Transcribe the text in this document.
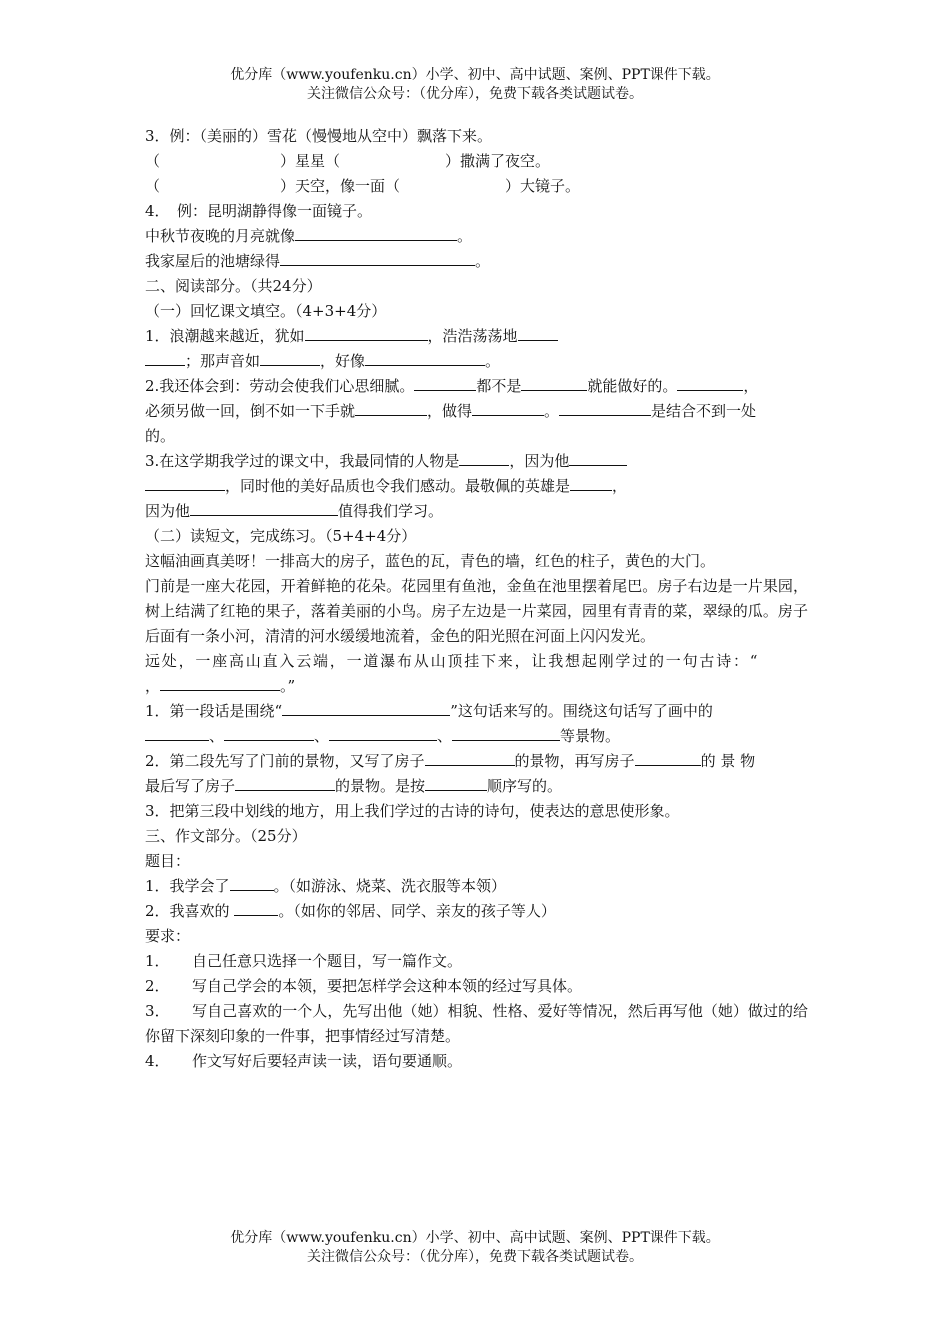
优分库（www.youfenku.cn）小学、初中、高中试题、案例、PPT课件下载。
关注微信公众号：（优分库），免费下载各类试题试卷。
3．例：（美丽的）雪花（慢慢地从空中）飘落下来。
（	）星星（	）撒满了夜空。
（	）天空，像一面（	）大镜子。
4．　例：昆明湖静得像一面镜子。
中秋节夜晚的月亮就像	。
我家屋后的池塘绿得	。
二、阅读部分。（共24分）
（一）回忆课文填空。（4+3+4分）
1．浪潮越来越近，犹如	，浩浩荡荡地
；那声音如	，好像	。
2.我还体会到：劳动会使我们心思细腻。	都不是	就能做好的。	，
必须另做一回，倒不如一下手就	，做得	。	是结合不到一处
的。
3.在这学期我学过的课文中，我最同情的人物是	，因为他
，同时他的美好品质也令我们感动。最敬佩的英雄是	，
因为他	值得我们学习。
（二）读短文，完成练习。（5+4+4分）
这幅油画真美呀！一排高大的房子，蓝色的瓦，青色的墙，红色的柱子，黄色的大门。
门前是一座大花园，开着鲜艳的花朵。花园里有鱼池，金鱼在池里摆着尾巴。房子右边是一片果园，树上结满了红艳的果子，落着美丽的小鸟。房子左边是一片菜园，园里有青青的菜，翠绿的瓜。房子后面有一条小河，清清的河水缓缓地流着，金色的阳光照在河面上闪闪发光。
远处，一座高山直入云端，一道瀑布从山顶挂下来，让我想起刚学过的一句古诗：“
，	。”
1．第一段话是围绕“	”这句话来写的。围绕这句话写了画中的
、	、	、	等景物。
2．第二段先写了门前的景物，又写了房子	的景物，再写房子	的 景 物
最后写了房子	的景物。是按	顺序写的。
3．把第三段中划线的地方，用上我们学过的古诗的诗句，使表达的意思使形象。
三、作文部分。（25分）
题目：
1．我学会了	。（如游泳、烧菜、洗衣服等本领）
2．我喜欢的	。（如你的邻居、同学、亲友的孩子等人）
要求：
1．　　自己任意只选择一个题目，写一篇作文。
2．　　写自己学会的本领，要把怎样学会这种本领的经过写具体。
3．　　写自己喜欢的一个人，先写出他（她）相貌、性格、爱好等情况，然后再写他（她）做过的给你留下深刻印象的一件事，把事情经过写清楚。
4．　　作文写好后要轻声读一读，语句要通顺。
优分库（www.youfenku.cn）小学、初中、高中试题、案例、PPT课件下载。
关注微信公众号：（优分库），免费下载各类试题试卷。
